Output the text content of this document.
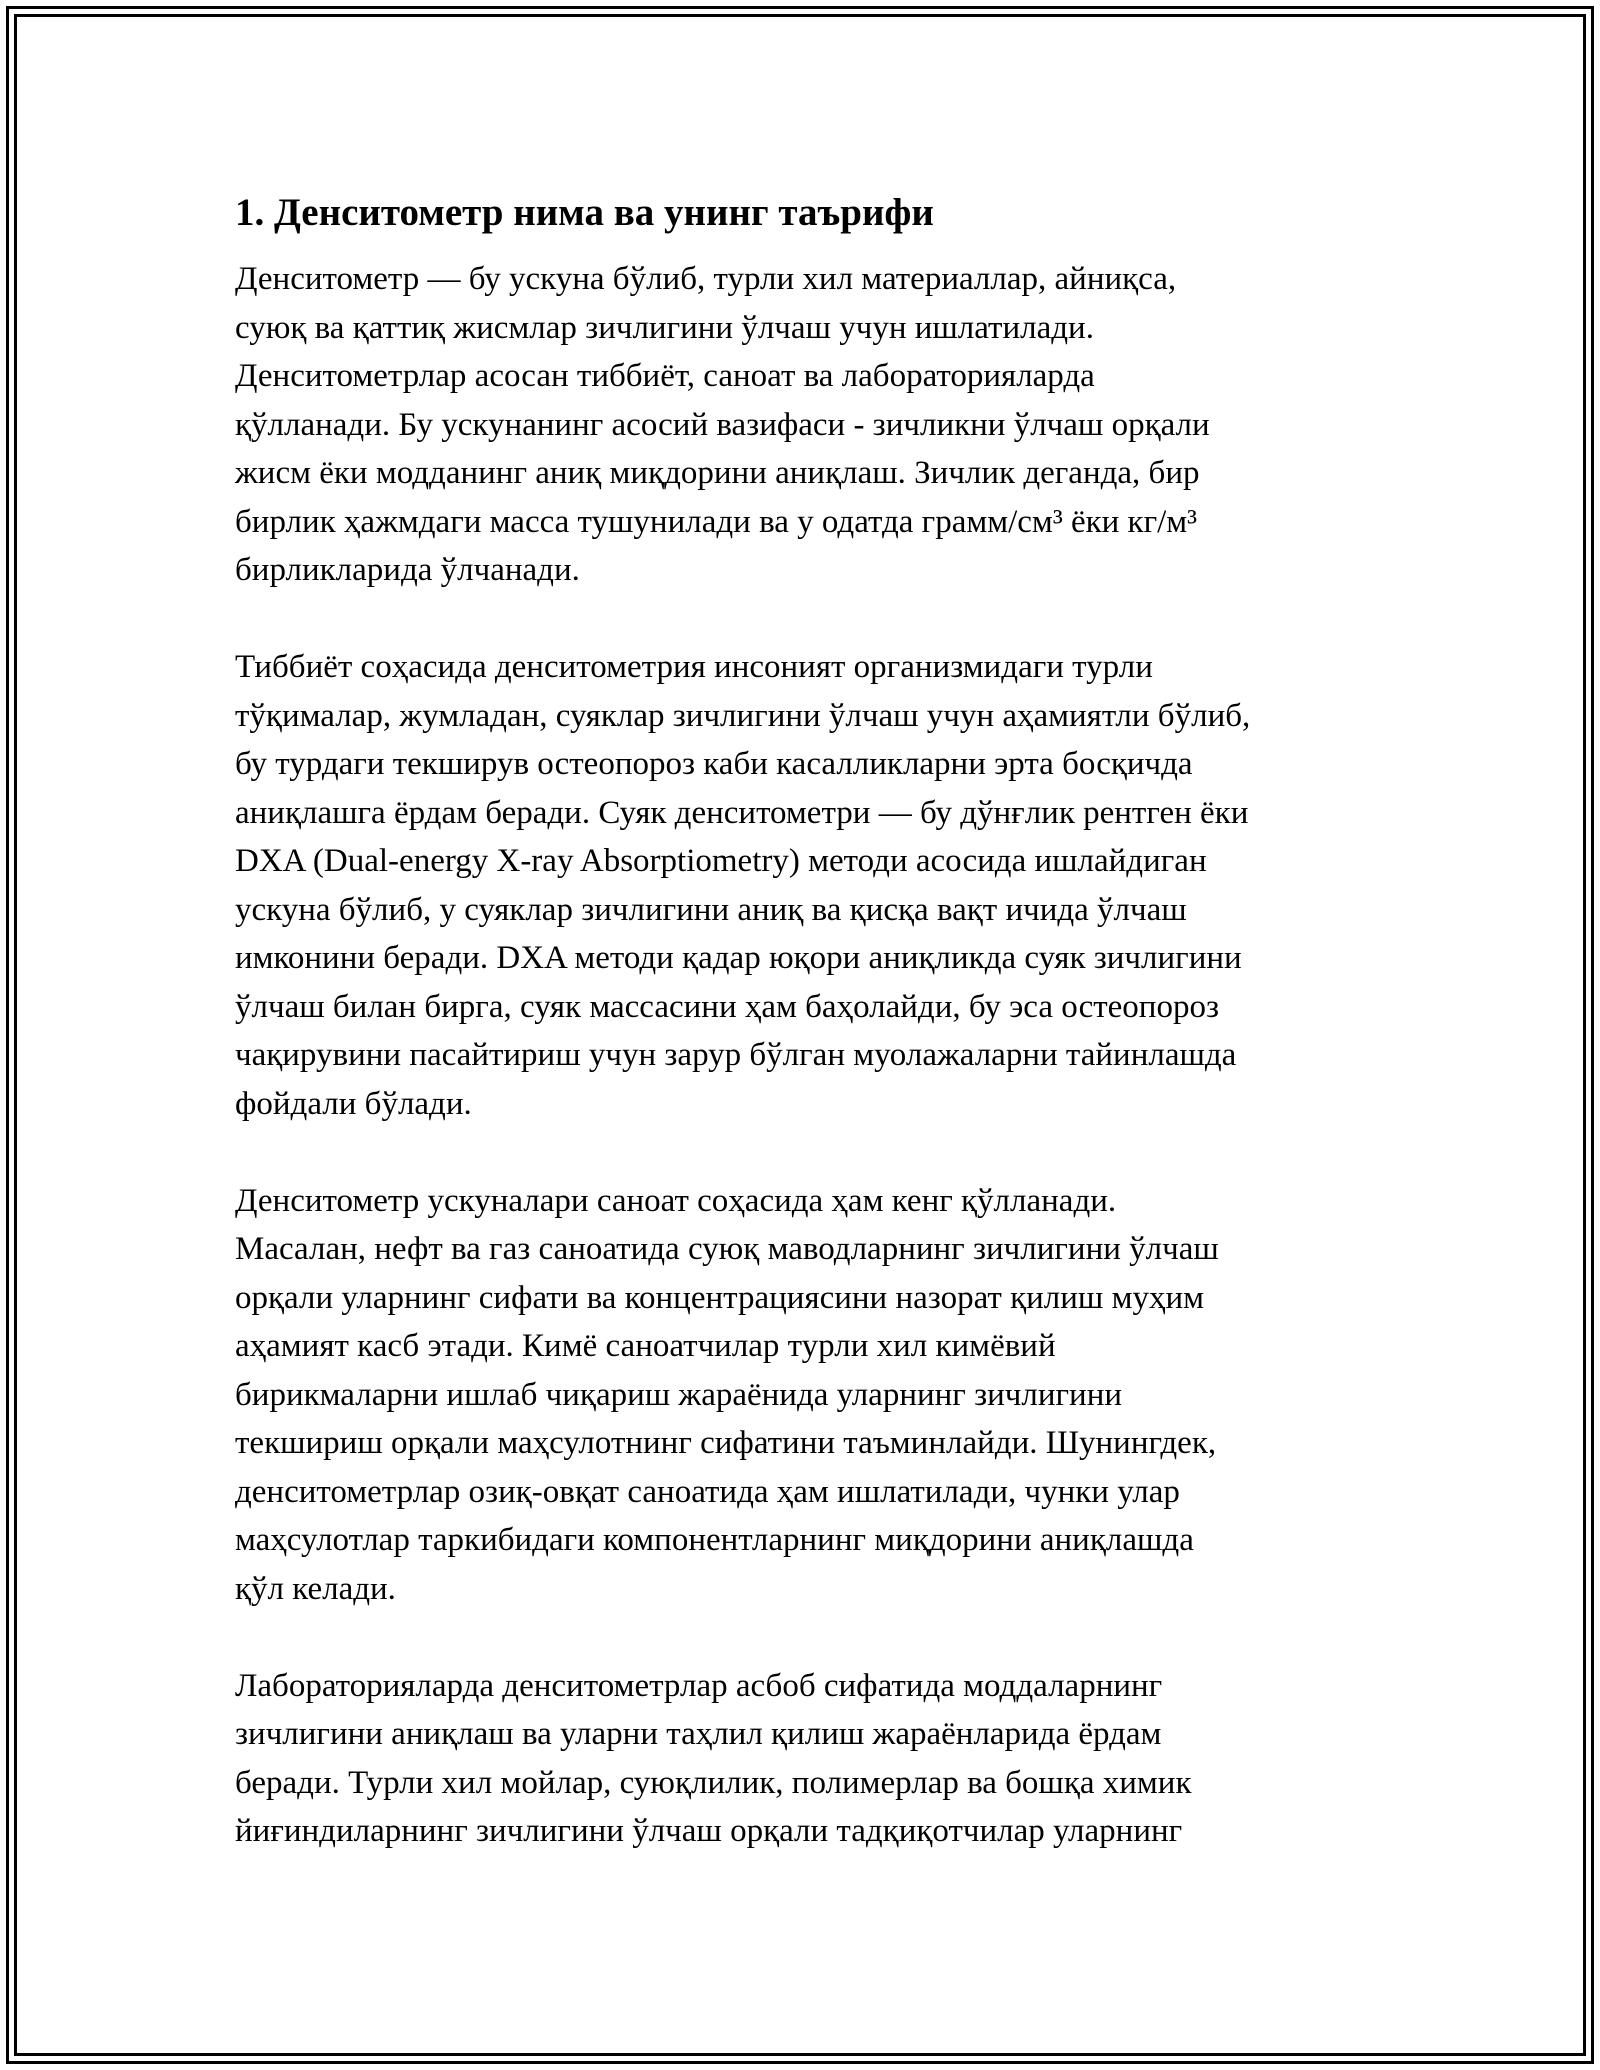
1. Денситометр нима ва унинг таърифи
Денситометр — бу ускуна бўлиб, турли хил материаллар, айниқса,
суюқ ва қаттиқ жисмлар зичлигини ўлчаш учун ишлатилади.
Денситометрлар асосан тиббиёт, саноат ва лабораторияларда
қўлланади. Бу ускунанинг асосий вазифаси - зичликни ўлчаш орқали
жисм ёки модданинг аниқ миқдорини аниқлаш. Зичлик деганда, бир
бирлик ҳажмдаги масса тушунилади ва у одатда грамм/см³ ёки кг/м³
бирликларида ўлчанади.
Тиббиёт соҳасида денситометрия инсоният организмидаги турли
тўқималар, жумладан, суяклар зичлигини ўлчаш учун аҳамиятли бўлиб,
бу турдаги текширув остеопороз каби касалликларни эрта босқичда
аниқлашга ёрдам беради. Суяк денситометри — бу дўнғлик рентген ёки
DXA (Dual-energy X-ray Absorptiometry) методи асосида ишлайдиган
ускуна бўлиб, у суяклар зичлигини аниқ ва қисқа вақт ичида ўлчаш
имконини беради. DXA методи қадар юқори аниқликда суяк зичлигини
ўлчаш билан бирга, суяк массасини ҳам баҳолайди, бу эса остеопороз
чақирувини пасайтириш учун зарур бўлган муолажаларни тайинлашда
фойдали бўлади.
Денситометр ускуналари саноат соҳасида ҳам кенг қўлланади.
Масалан, нефт ва газ саноатида суюқ маводларнинг зичлигини ўлчаш
орқали уларнинг сифати ва концентрациясини назорат қилиш муҳим
аҳамият касб этади. Кимё саноатчилар турли хил кимёвий
бирикмаларни ишлаб чиқариш жараёнида уларнинг зичлигини
текшириш орқали маҳсулотнинг сифатини таъминлайди. Шунингдек,
денситометрлар озиқ-овқат саноатида ҳам ишлатилади, чунки улар
маҳсулотлар таркибидаги компонентларнинг миқдорини аниқлашда
қўл келади.
Лабораторияларда денситометрлар асбоб сифатида моддаларнинг
зичлигини аниқлаш ва уларни таҳлил қилиш жараёнларида ёрдам
беради. Турли хил мойлар, суюқлилик, полимерлар ва бошқа химик
йиғиндиларнинг зичлигини ўлчаш орқали тадқиқотчилар уларнинг
